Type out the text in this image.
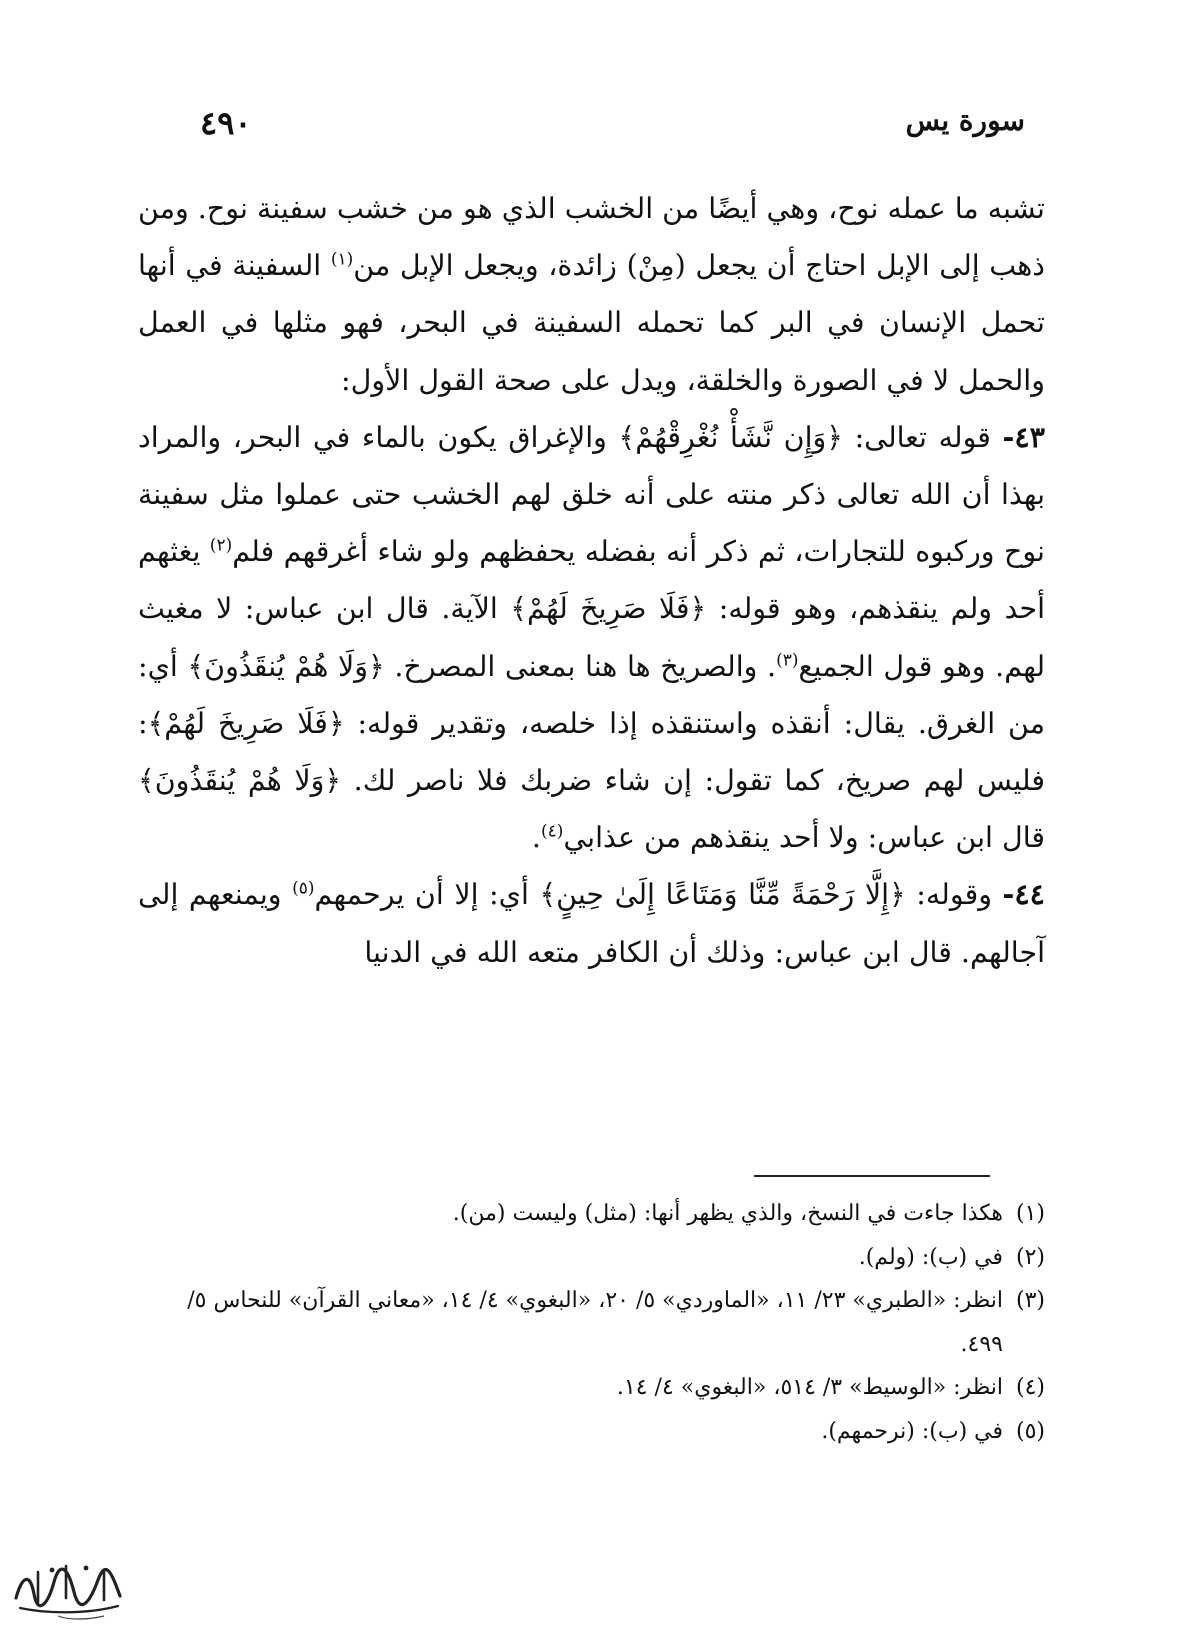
٤٩٠	سورة يس

تشبه ما عمله نوح، وهي أيضًا من الخشب الذي هو من خشب سفينة نوح. ومن ذهب إلى الإبل احتاج أن يجعل (مِنْ) زائدة، ويجعل الإبل من$^{(١)}$ السفينة في أنها تحمل الإنسان في البر كما تحمله السفينة في البحر، فهو مثلها في العمل والحمل لا في الصورة والخلقة، ويدل على صحة القول الأول:

٤٣- قوله تعالى: ﴿وَإِن نَّشَأْ نُغْرِقْهُمْ﴾ والإغراق يكون بالماء في البحر، والمراد بهذا أن الله تعالى ذكر منته على أنه خلق لهم الخشب حتى عملوا مثل سفينة نوح وركبوه للتجارات، ثم ذكر أنه بفضله يحفظهم ولو شاء أغرقهم فلم$^{(٢)}$ يغثهم أحد ولم ينقذهم، وهو قوله: ﴿فَلَا صَرِيخَ لَهُمْ﴾ الآية. قال ابن عباس: لا مغيث لهم. وهو قول الجميع$^{(٣)}$. والصريخ ها هنا بمعنى المصرخ. ﴿وَلَا هُمْ يُنقَذُونَ﴾ أي: من الغرق. يقال: أنقذه واستنقذه إذا خلصه، وتقدير قوله: ﴿فَلَا صَرِيخَ لَهُمْ﴾: فليس لهم صريخ، كما تقول: إن شاء ضربك فلا ناصر لك. ﴿وَلَا هُمْ يُنقَذُونَ﴾ قال ابن عباس: ولا أحد ينقذهم من عذابي$^{(٤)}$.

٤٤- وقوله: ﴿إِلَّا رَحْمَةً مِّنَّا وَمَتَاعًا إِلَىٰ حِينٍ﴾ أي: إلا أن يرحمهم$^{(٥)}$ ويمنعهم إلى آجالهم. قال ابن عباس: وذلك أن الكافر متعه الله في الدنيا

(١)
هكذا جاءت في النسخ، والذي يظهر أنها: (مثل) وليست (من).
(٢)
في (ب): (ولم).
(٣)
انظر: «الطبري» ٢٣/ ١١، «الماوردي» ٥/ ٢٠، «البغوي» ٤/ ١٤، «معاني القرآن» للنحاس ٥/ ٤٩٩.
(٤)
انظر: «الوسيط» ٣/ ٥١٤، «البغوي» ٤/ ١٤.
(٥)
في (ب): (نرحمهم).
